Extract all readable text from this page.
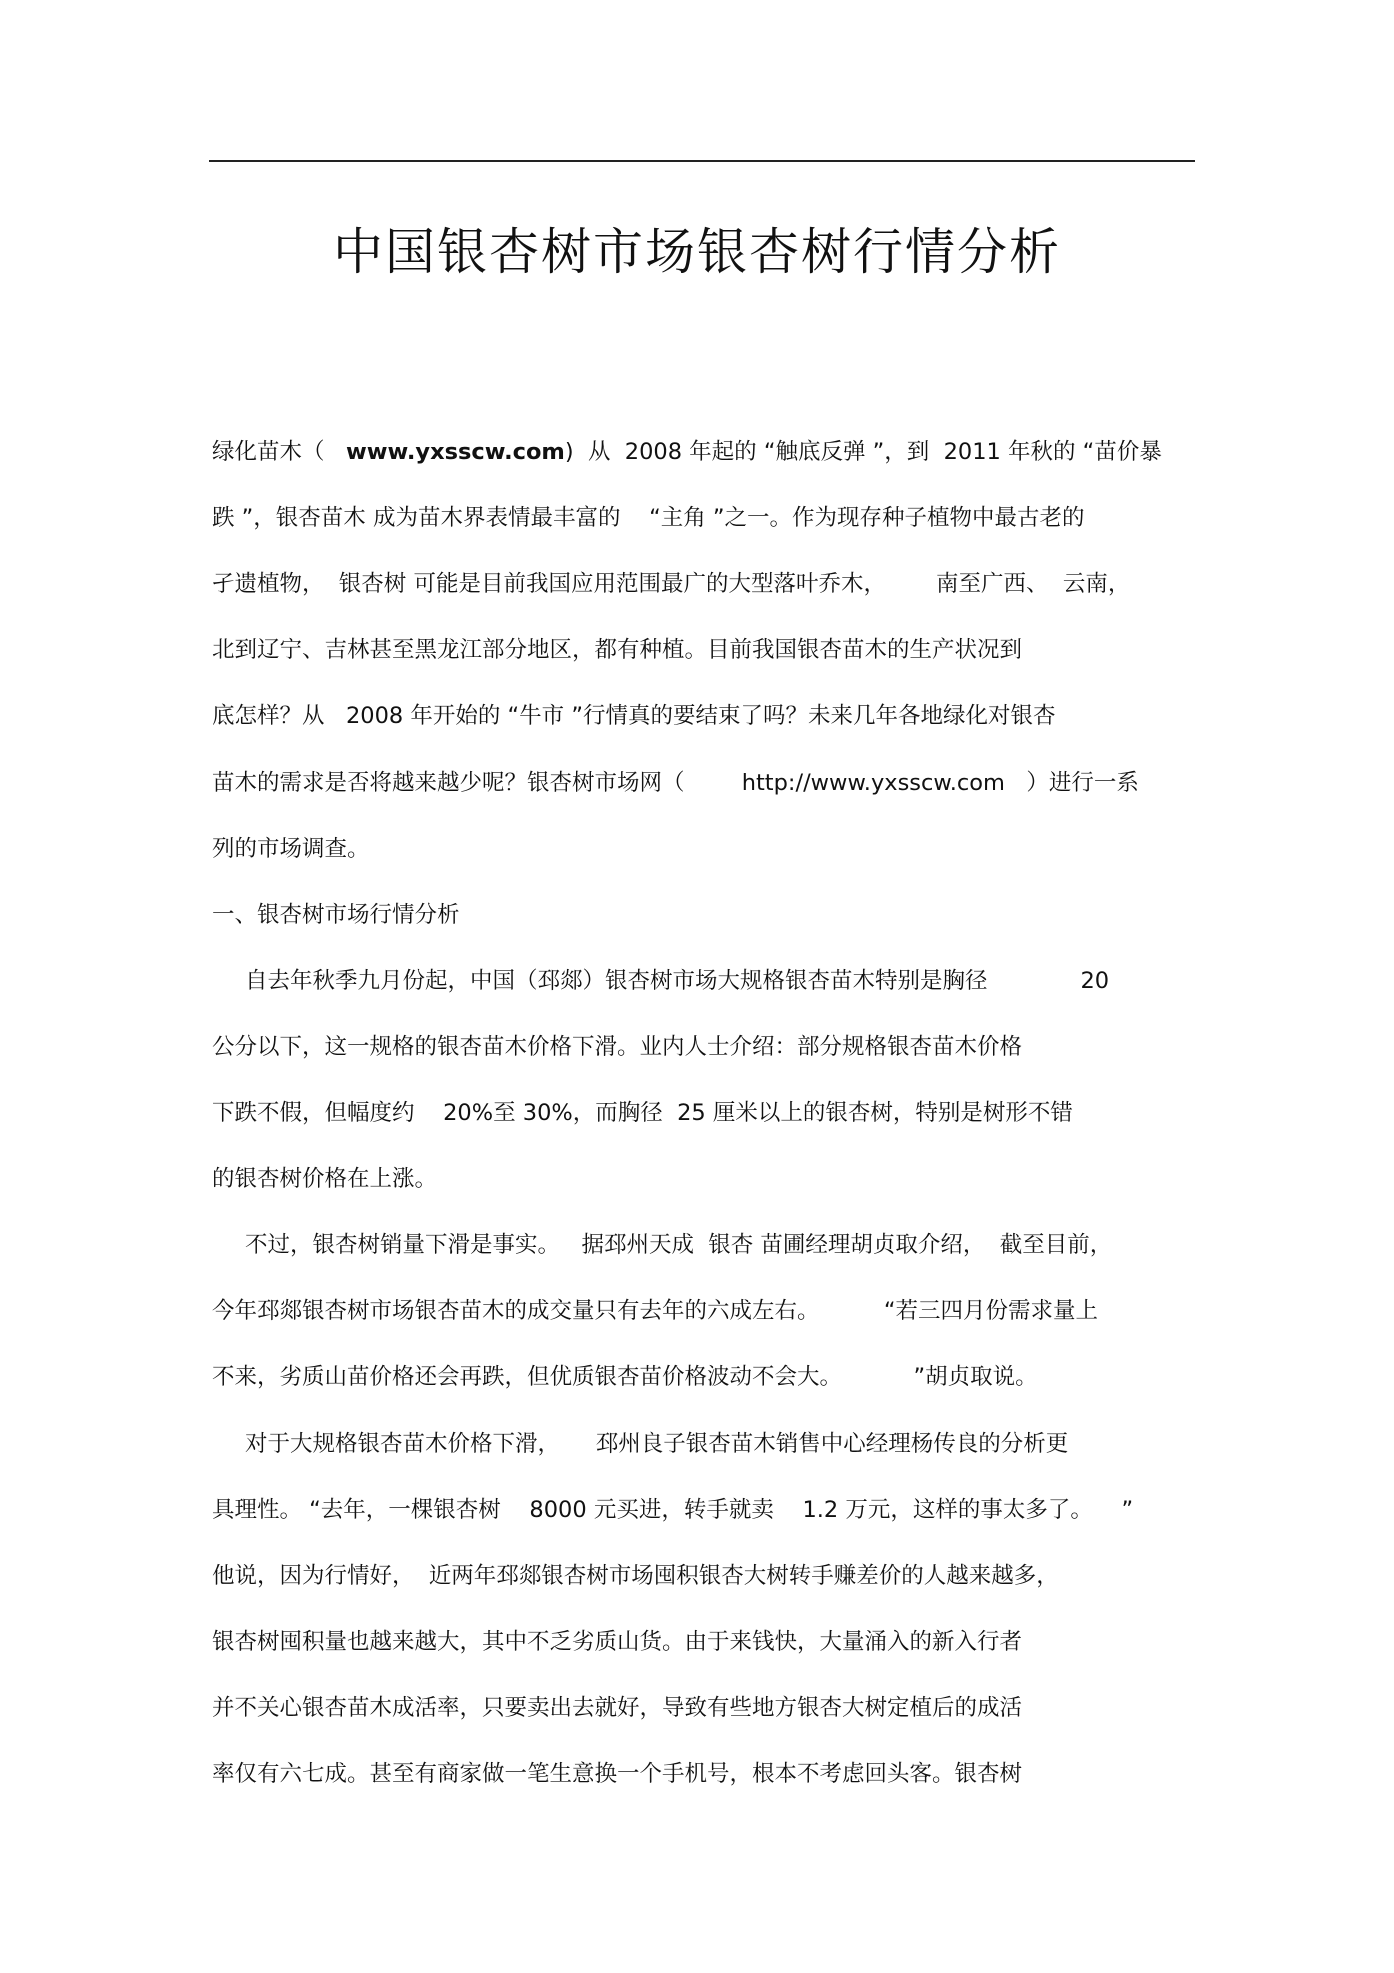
中国银杏树市场银杏树行情分析
绿化苗木（   www.yxsscw.com)  从  2008 年起的 “触底反弹 ”，到  2011 年秋的 “苗价暴
跌 ”，银杏苗木 成为苗木界表情最丰富的    “主角 ”之一。作为现存种子植物中最古老的
孑遗植物，  银杏树 可能是目前我国应用范围最广的大型落叶乔木，       南至广西、  云南，
北到辽宁、吉林甚至黑龙江部分地区，都有种植。目前我国银杏苗木的生产状况到
底怎样？从   2008 年开始的 “牛市 ”行情真的要结束了吗？未来几年各地绿化对银杏
苗木的需求是否将越来越少呢？银杏树市场网（        http://www.yxsscw.com   ）进行一系
列的市场调查。
一、银杏树市场行情分析
自去年秋季九月份起，中国（邳郯）银杏树市场大规格银杏苗木特别是胸径             20
公分以下，这一规格的银杏苗木价格下滑。业内人士介绍：部分规格银杏苗木价格
下跌不假，但幅度约    20%至 30%，而胸径  25 厘米以上的银杏树，特别是树形不错
的银杏树价格在上涨。
不过，银杏树销量下滑是事实。   据邳州天成  银杏 苗圃经理胡贞取介绍，  截至目前，
今年邳郯银杏树市场银杏苗木的成交量只有去年的六成左右。         “若三四月份需求量上
不来，劣质山苗价格还会再跌，但优质银杏苗价格波动不会大。          ”胡贞取说。
对于大规格银杏苗木价格下滑，     邳州良子银杏苗木销售中心经理杨传良的分析更
具理性。 “去年，一棵银杏树    8000 元买进，转手就卖    1.2 万元，这样的事太多了。    ”
他说，因为行情好，  近两年邳郯银杏树市场囤积银杏大树转手赚差价的人越来越多，
银杏树囤积量也越来越大，其中不乏劣质山货。由于来钱快，大量涌入的新入行者
并不关心银杏苗木成活率，只要卖出去就好，导致有些地方银杏大树定植后的成活
率仅有六七成。甚至有商家做一笔生意换一个手机号，根本不考虑回头客。银杏树
